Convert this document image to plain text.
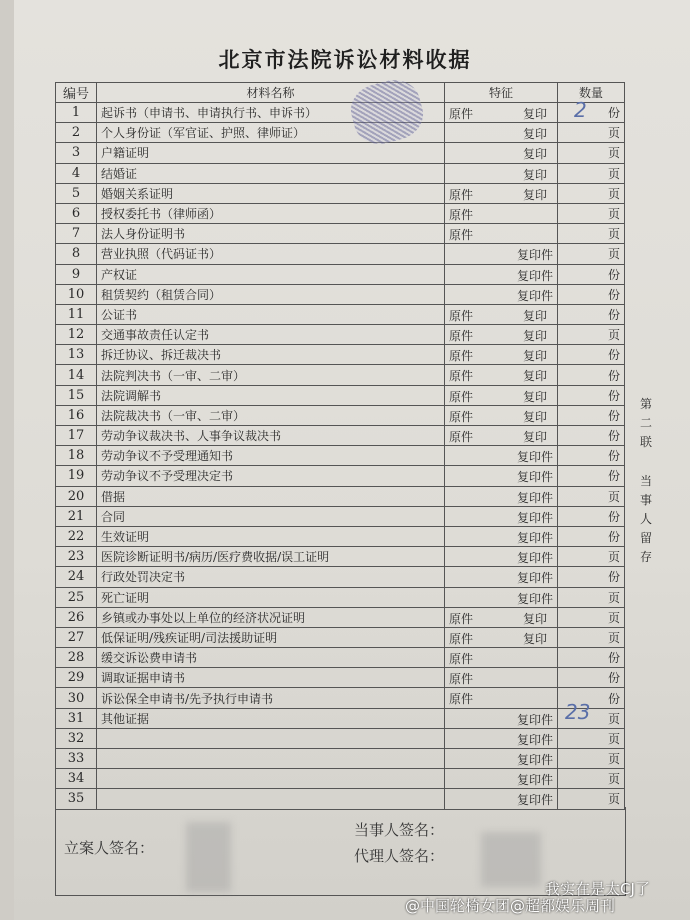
北京市法院诉讼材料收据
编号	材料名称	特征	数量
1	起诉书（申请书、申请执行书、申诉书）	原件 复印	份
2	个人身份证（军官证、护照、律师证）	复印	页
3	户籍证明	复印	页
4	结婚证	复印	页
5	婚姻关系证明	原件 复印	页
6	授权委托书（律师函）	原件	页
7	法人身份证明书	原件	页
8	营业执照（代码证书）	复印件	页
9	产权证	复印件	份
10	租赁契约（租赁合同）	复印件	份
11	公证书	原件 复印	份
12	交通事故责任认定书	原件 复印	页
13	拆迁协议、拆迁裁决书	原件 复印	份
14	法院判决书（一审、二审）	原件 复印	份
15	法院调解书	原件 复印	份
16	法院裁决书（一审、二审）	原件 复印	份
17	劳动争议裁决书、人事争议裁决书	原件 复印	份
18	劳动争议不予受理通知书	复印件	份
19	劳动争议不予受理决定书	复印件	份
20	借据	复印件	页
21	合同	复印件	份
22	生效证明	复印件	份
23	医院诊断证明书/病历/医疗费收据/误工证明	复印件	页
24	行政处罚决定书	复印件	份
25	死亡证明	复印件	页
26	乡镇或办事处以上单位的经济状况证明	原件 复印	页
27	低保证明/残疾证明/司法援助证明	原件 复印	页
28	缓交诉讼费申请书	原件	份
29	调取证据申请书	原件	份
30	诉讼保全申请书/先予执行申请书	原件	份
31	其他证据	复印件	页
32		复印件	页
33		复印件	页
34		复印件	页
35		复印件	页
2
23
第
二
联
当
事
人
留
存
立案人签名：
当事人签名：
代理人签名：
我实在是太CJ了
@中国轮椅女团@超都娱乐周刊
